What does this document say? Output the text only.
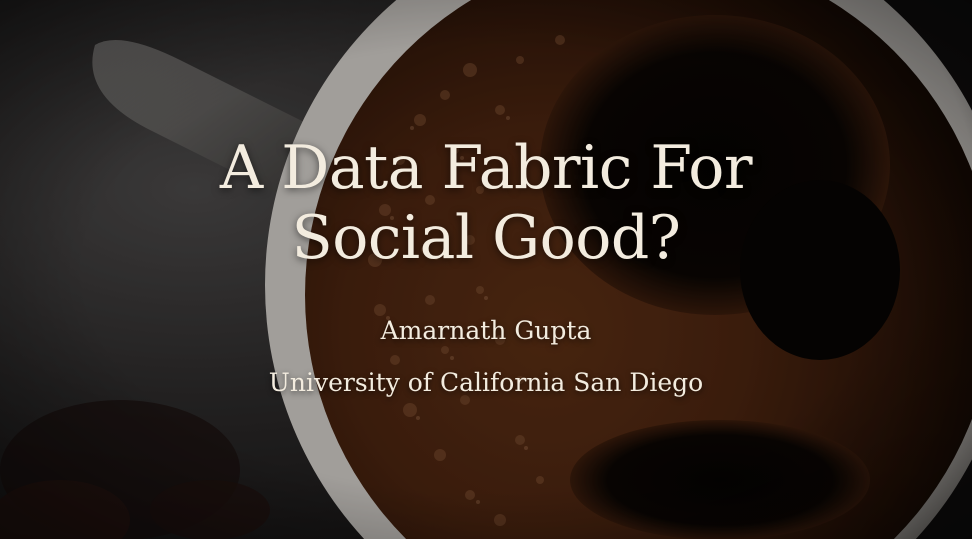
A Data Fabric For
Social Good?
Amarnath Gupta
University of California San Diego
